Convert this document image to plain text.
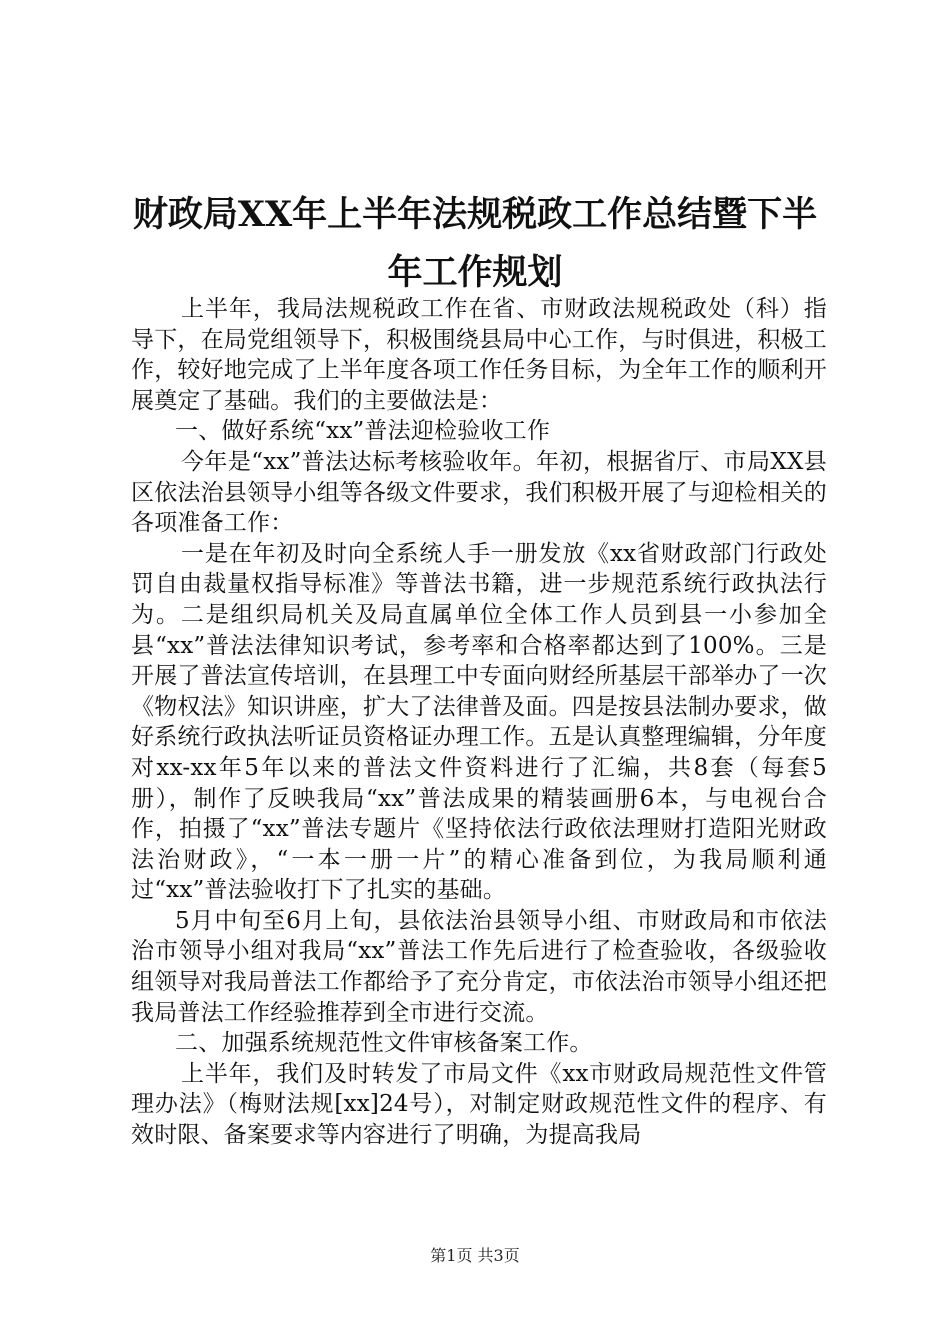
财政局XX年上半年法规税政工作总结暨下半年工作规划

上半年，我局法规税政工作在省、市财政法规税政处（科）指导下，在局党组领导下，积极围绕县局中心工作，与时俱进，积极工作，较好地完成了上半年度各项工作任务目标，为全年工作的顺利开展奠定了基础。我们的主要做法是：

一、做好系统“xx”普法迎检验收工作

今年是“xx”普法达标考核验收年。年初，根据省厅、市局XX县区依法治县领导小组等各级文件要求，我们积极开展了与迎检相关的各项准备工作：

一是在年初及时向全系统人手一册发放《xx省财政部门行政处罚自由裁量权指导标准》等普法书籍，进一步规范系统行政执法行为。二是组织局机关及局直属单位全体工作人员到县一小参加全县“xx”普法法律知识考试，参考率和合格率都达到了100%。三是开展了普法宣传培训，在县理工中专面向财经所基层干部举办了一次《物权法》知识讲座，扩大了法律普及面。四是按县法制办要求，做好系统行政执法听证员资格证办理工作。五是认真整理编辑，分年度对xx-xx年5年以来的普法文件资料进行了汇编，共8套（每套5册），制作了反映我局“xx”普法成果的精装画册6本，与电视台合作，拍摄了“xx”普法专题片《坚持依法行政依法理财打造阳光财政法治财政》，“一本一册一片”的精心准备到位，为我局顺利通过“xx”普法验收打下了扎实的基础。

5月中旬至6月上旬，县依法治县领导小组、市财政局和市依法治市领导小组对我局“xx”普法工作先后进行了检查验收，各级验收组领导对我局普法工作都给予了充分肯定，市依法治市领导小组还把我局普法工作经验推荐到全市进行交流。

二、加强系统规范性文件审核备案工作。

上半年，我们及时转发了市局文件《xx市财政局规范性文件管理办法》（梅财法规[xx]24号），对制定财政规范性文件的程序、有效时限、备案要求等内容进行了明确，为提高我局

第1页 共3页
